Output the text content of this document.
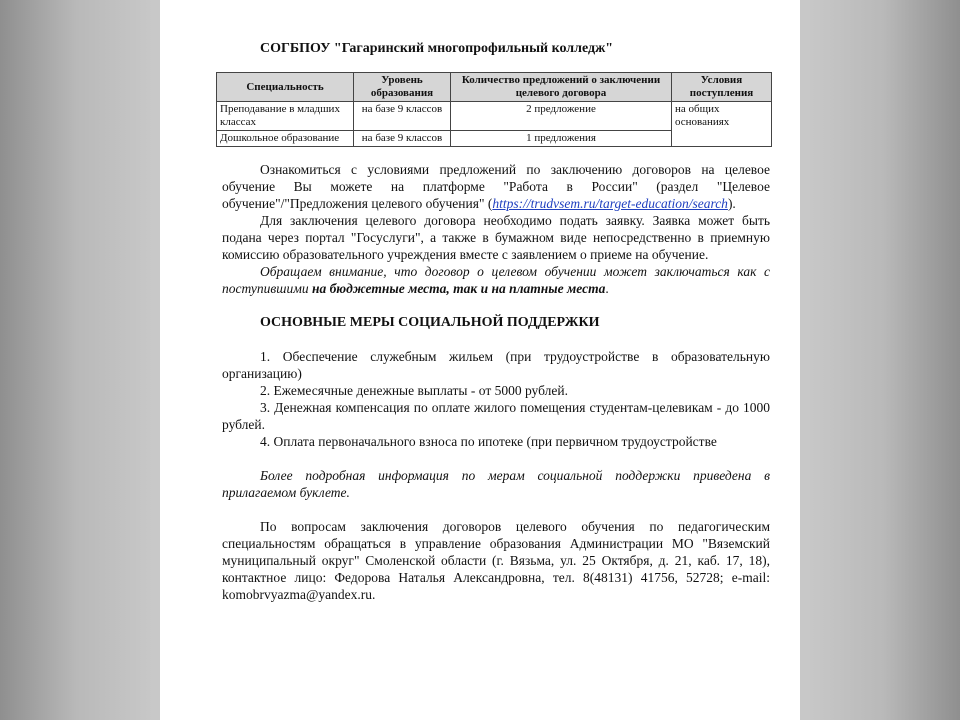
СОГБПОУ "Гагаринский многопрофильный колледж"
Специальность	Уровень образования	Количество предложений о заключении целевого договора	Условия поступления
Преподавание в младших классах	на базе 9 классов	2 предложение	на общих основаниях
Дошкольное образование	на базе 9 классов	1 предложения	

Ознакомиться с условиями предложений по заключению договоров на целевое обучение Вы можете на платформе "Работа в России" (раздел "Целевое обучение"/"Предложения целевого обучения" (https://trudvsem.ru/target-education/search).

Для заключения целевого договора необходимо подать заявку. Заявка может быть подана через портал "Госуслуги", а также в бумажном виде непосредственно в приемную комиссию образовательного учреждения вместе с заявлением о приеме на обучение.

Обращаем внимание, что договор о целевом обучении может заключаться как с поступившими на бюджетные места, так и на платные места.

ОСНОВНЫЕ МЕРЫ СОЦИАЛЬНОЙ ПОДДЕРЖКИ

1. Обеспечение служебным жильем (при трудоустройстве в образовательную организацию)

2. Ежемесячные денежные выплаты - от 5000 рублей.

3. Денежная компенсация по оплате жилого помещения студентам-целевикам - до 1000 рублей.

4. Оплата первоначального взноса по ипотеке (при первичном трудоустройстве

Более подробная информация по мерам социальной поддержки приведена в прилагаемом буклете.

По вопросам заключения договоров целевого обучения по педагогическим специальностям обращаться в управление образования Администрации МО "Вяземский муниципальный округ" Смоленской области (г. Вязьма, ул. 25 Октября, д. 21, каб. 17, 18), контактное лицо: Федорова Наталья Александровна, тел. 8(48131) 41756, 52728; e-mail: komobrvyazma@yandex.ru.
